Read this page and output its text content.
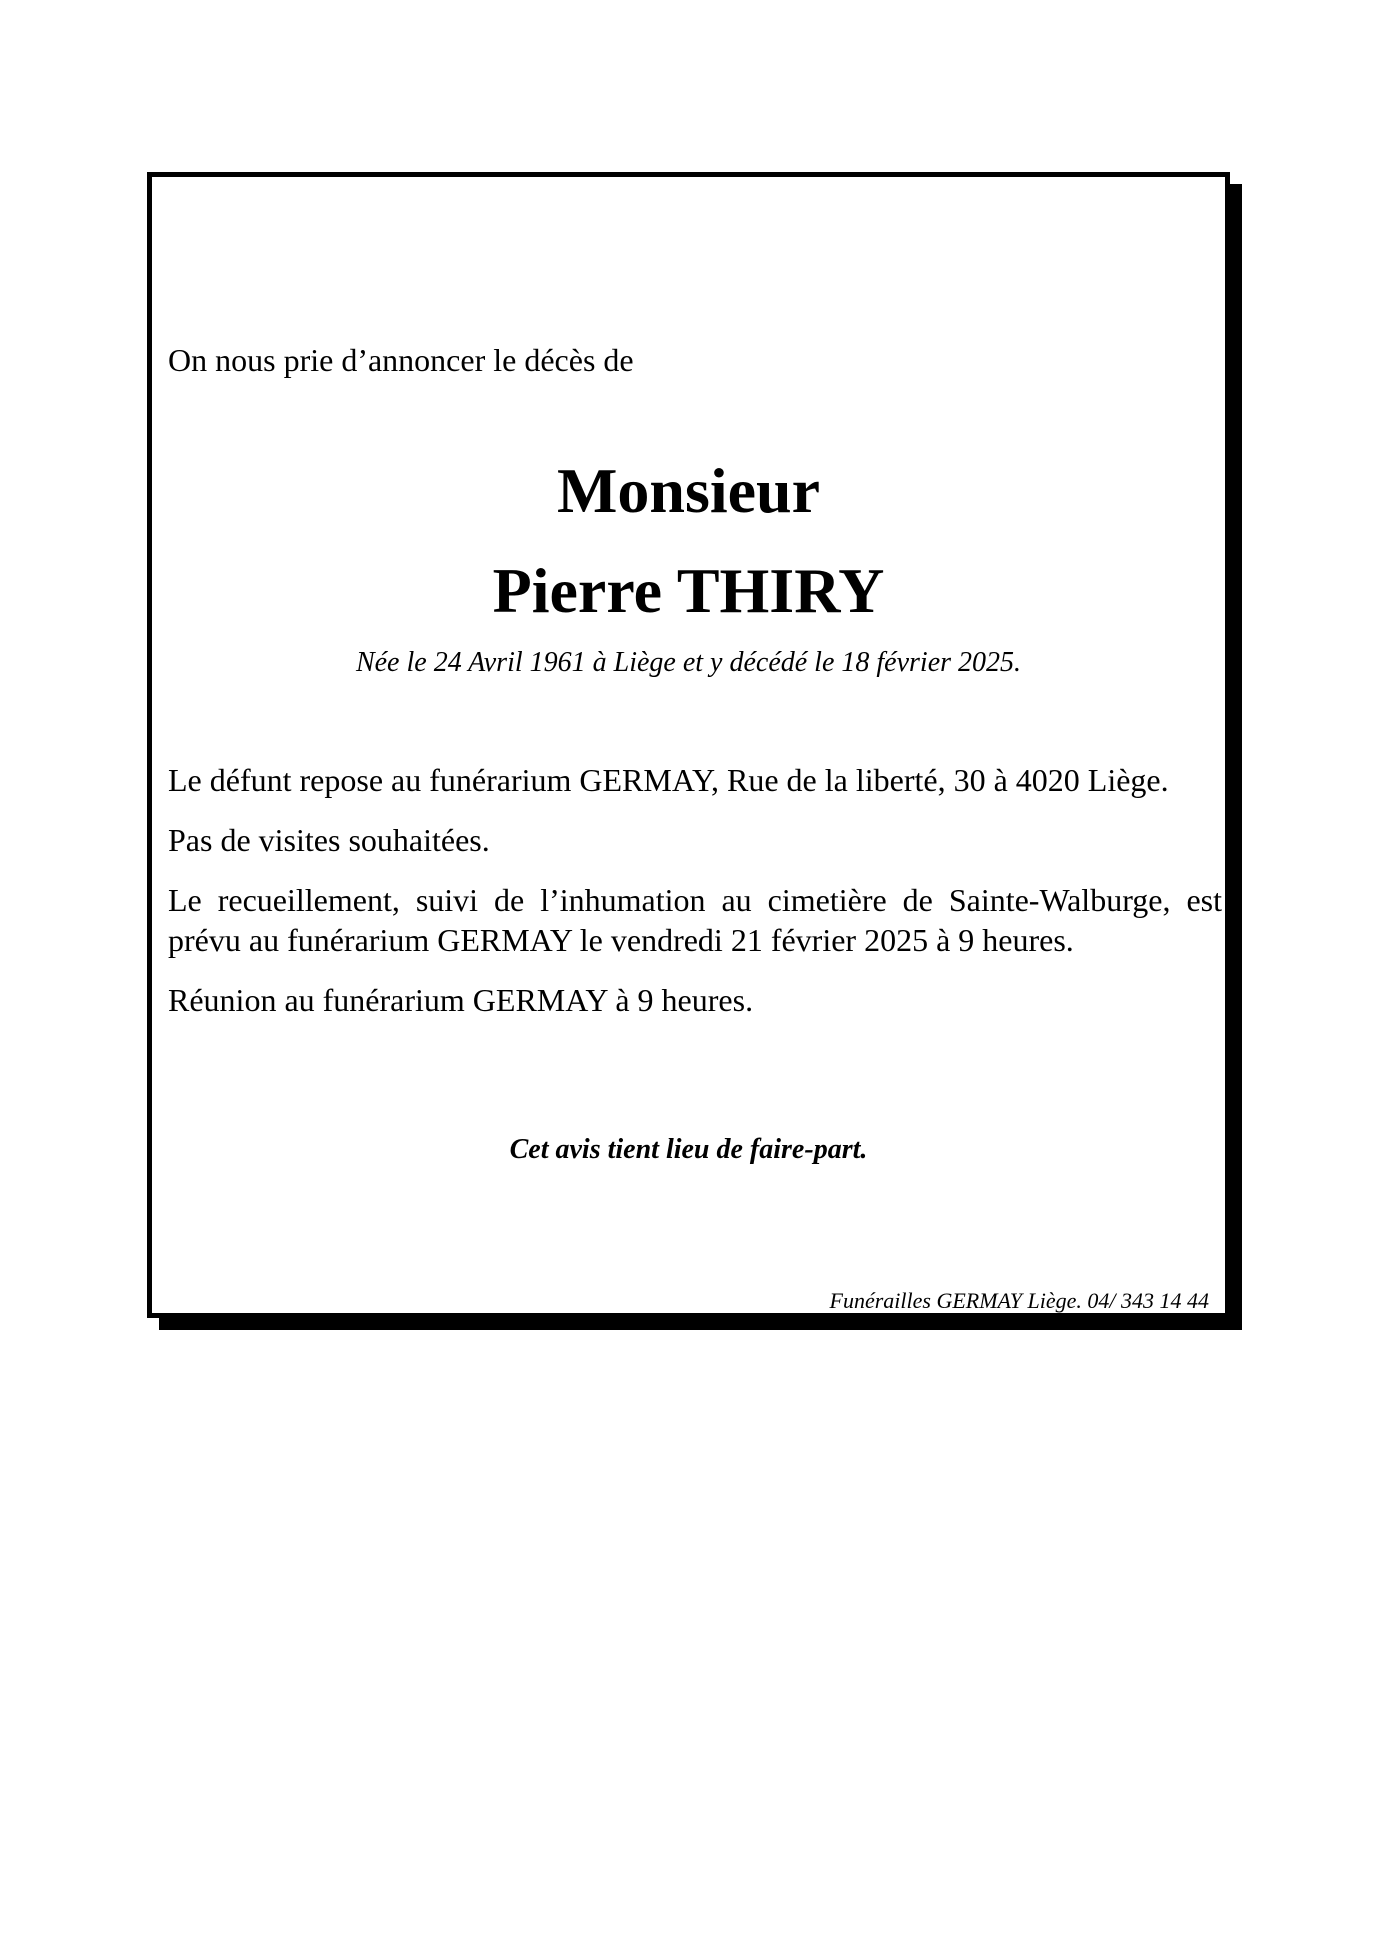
On nous prie d’annoncer le décès de
Monsieur
Pierre THIRY
Née le 24 Avril 1961 à Liège et y décédé le 18 février 2025.
Le défunt repose au funérarium GERMAY, Rue de la liberté, 30 à 4020 Liège.
Pas de visites souhaitées.
Le recueillement, suivi de l’inhumation au cimetière de Sainte-Walburge, est prévu au funérarium GERMAY le vendredi 21 février 2025 à 9 heures.
Réunion au funérarium GERMAY à 9 heures.
Cet avis tient lieu de faire-part.
Funérailles GERMAY Liège. 04/ 343 14 44
